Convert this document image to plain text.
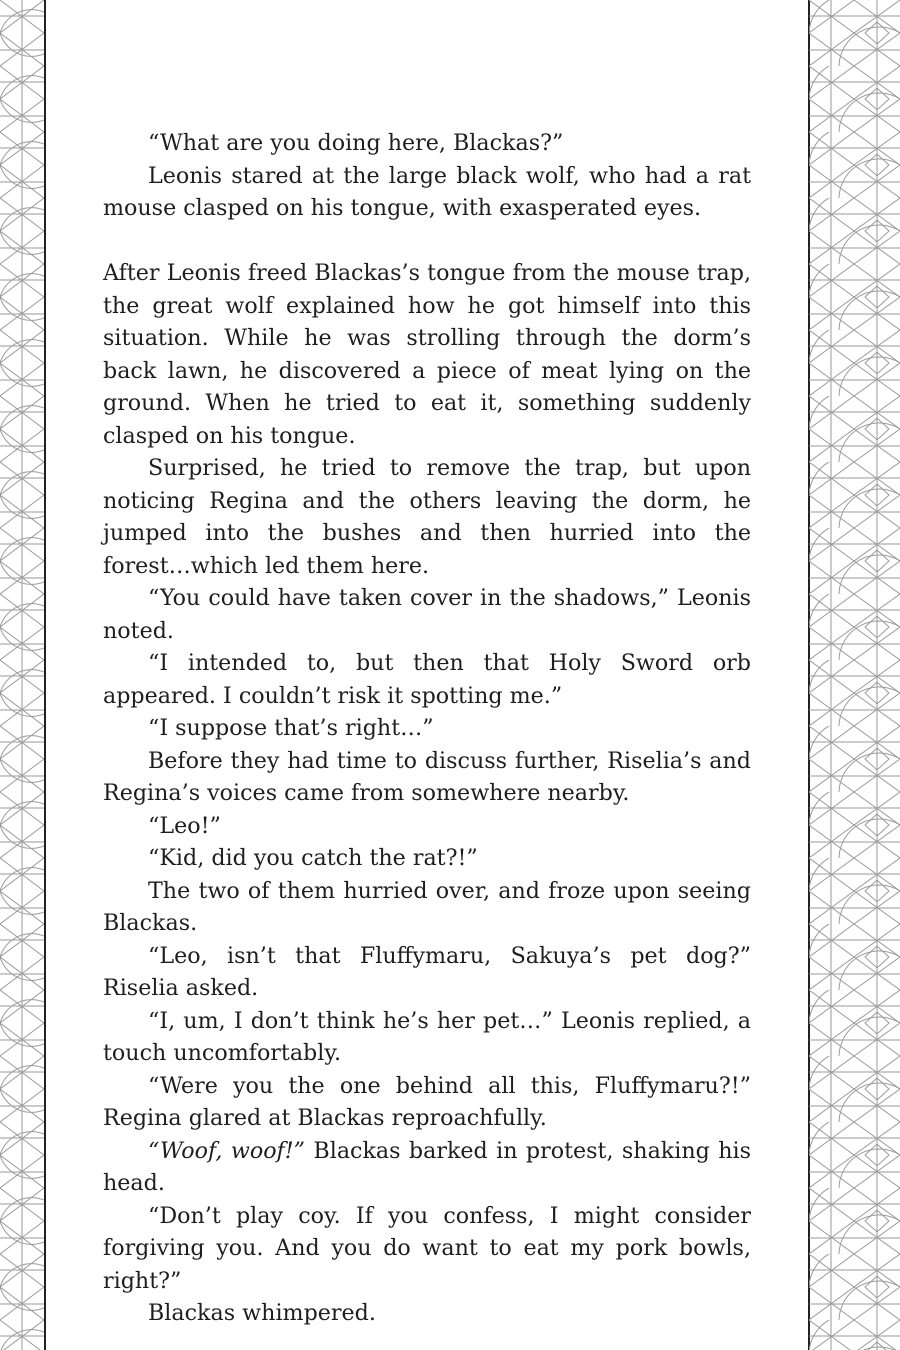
“What are you doing here, Blackas?”

Leonis stared at the large black wolf, who had a rat mouse clasped on his tongue, with exasperated eyes.

After Leonis freed Blackas’s tongue from the mouse trap, the great wolf explained how he got himself into this situation. While he was strolling through the dorm’s back lawn, he discovered a piece of meat lying on the ground. When he tried to eat it, something suddenly clasped on his tongue.

Surprised, he tried to remove the trap, but upon noticing Regina and the others leaving the dorm, he jumped into the bushes and then hurried into the forest…which led them here.

“You could have taken cover in the shadows,” Leonis noted.

“I intended to, but then that Holy Sword orb appeared. I couldn’t risk it spotting me.”

“I suppose that’s right…”

Before they had time to discuss further, Riselia’s and Regina’s voices came from somewhere nearby.

“Leo!”

“Kid, did you catch the rat?!”

The two of them hurried over, and froze upon seeing Blackas.

“Leo, isn’t that Fluffymaru, Sakuya’s pet dog?” Riselia asked.

“I, um, I don’t think he’s her pet…” Leonis replied, a touch uncomfortably.

“Were you the one behind all this, Fluffymaru?!” Regina glared at Blackas reproachfully.

“Woof, woof!” Blackas barked in protest, shaking his head.

“Don’t play coy. If you confess, I might consider forgiving you. And you do want to eat my pork bowls, right?”

Blackas whimpered.
